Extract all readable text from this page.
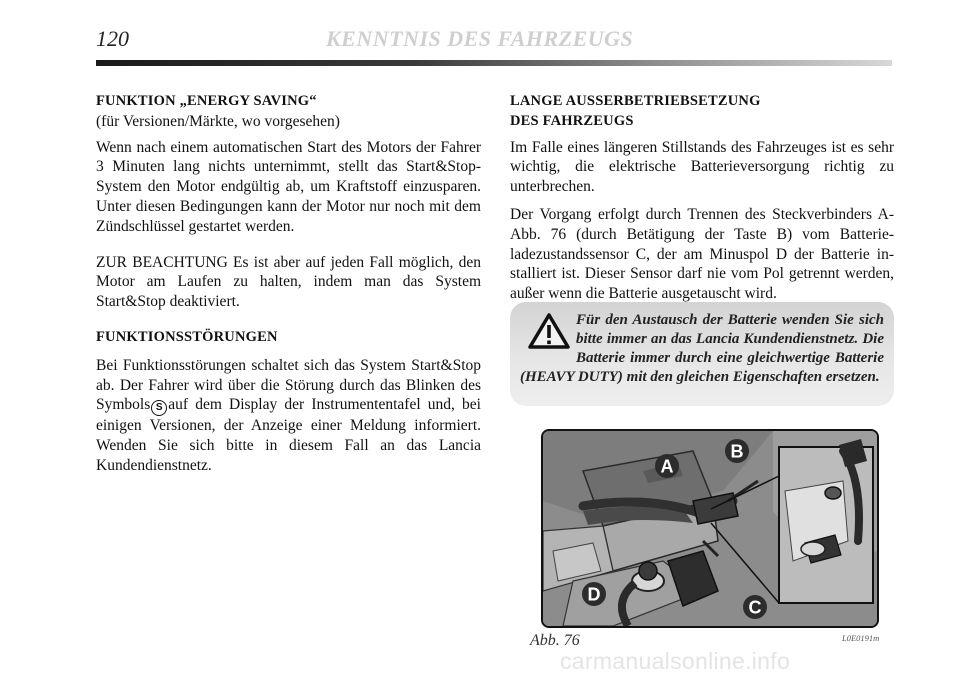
120	KENNTNIS DES FAHRZEUGS

FUNKTION „ENERGY SAVING“

(für Versionen/Märkte, wo vorgesehen)

Wenn nach einem automatischen Start des Motors der Fahrer 3 Minuten lang nichts unternimmt, stellt das Start&Stop-System den Motor endgültig ab, um Kraftstoff einzusparen. Unter diesen Bedingungen kann der Motor nur noch mit dem Zündschlüssel gestartet werden.

ZUR BEACHTUNG Es ist aber auf jeden Fall möglich, den Motor am Laufen zu halten, indem man das System Start&Stop deaktiviert.

FUNKTIONSSTÖRUNGEN

Bei Funktionsstörungen schaltet sich das System Start&Stop ab. Der Fahrer wird über die Störung durch das Blinken des Symbols S auf dem Display der Instrumententafel und, bei einigen Versionen, der Anzeige einer Meldung informiert. Wenden Sie sich bitte in diesem Fall an das Lancia Kundendienstnetz.

LANGE AUSSERBETRIEBSETZUNG

DES FAHRZEUGS

Im Falle eines längeren Stillstands des Fahrzeuges ist es sehr wichtig, die elektrische Batterieversorgung richtig zu unterbrechen.

Der Vorgang erfolgt durch Trennen des Steckverbinders A-Abb. 76 (durch Betätigung der Taste B) vom Batterieladezustandssensor C, der am Minuspol D der Batterie installiert ist. Dieser Sensor darf nie vom Pol getrennt werden, außer wenn die Batterie ausgetauscht wird.

Für den Austausch der Batterie wenden Sie sich bitte immer an das Lancia Kundendienstnetz. Die Batterie immer durch eine gleichwertige Batterie (HEAVY DUTY) mit den gleichen Eigenschaften ersetzen.
A
B
C
D
Abb. 76	L0E0191m
carmanualsonline.info
